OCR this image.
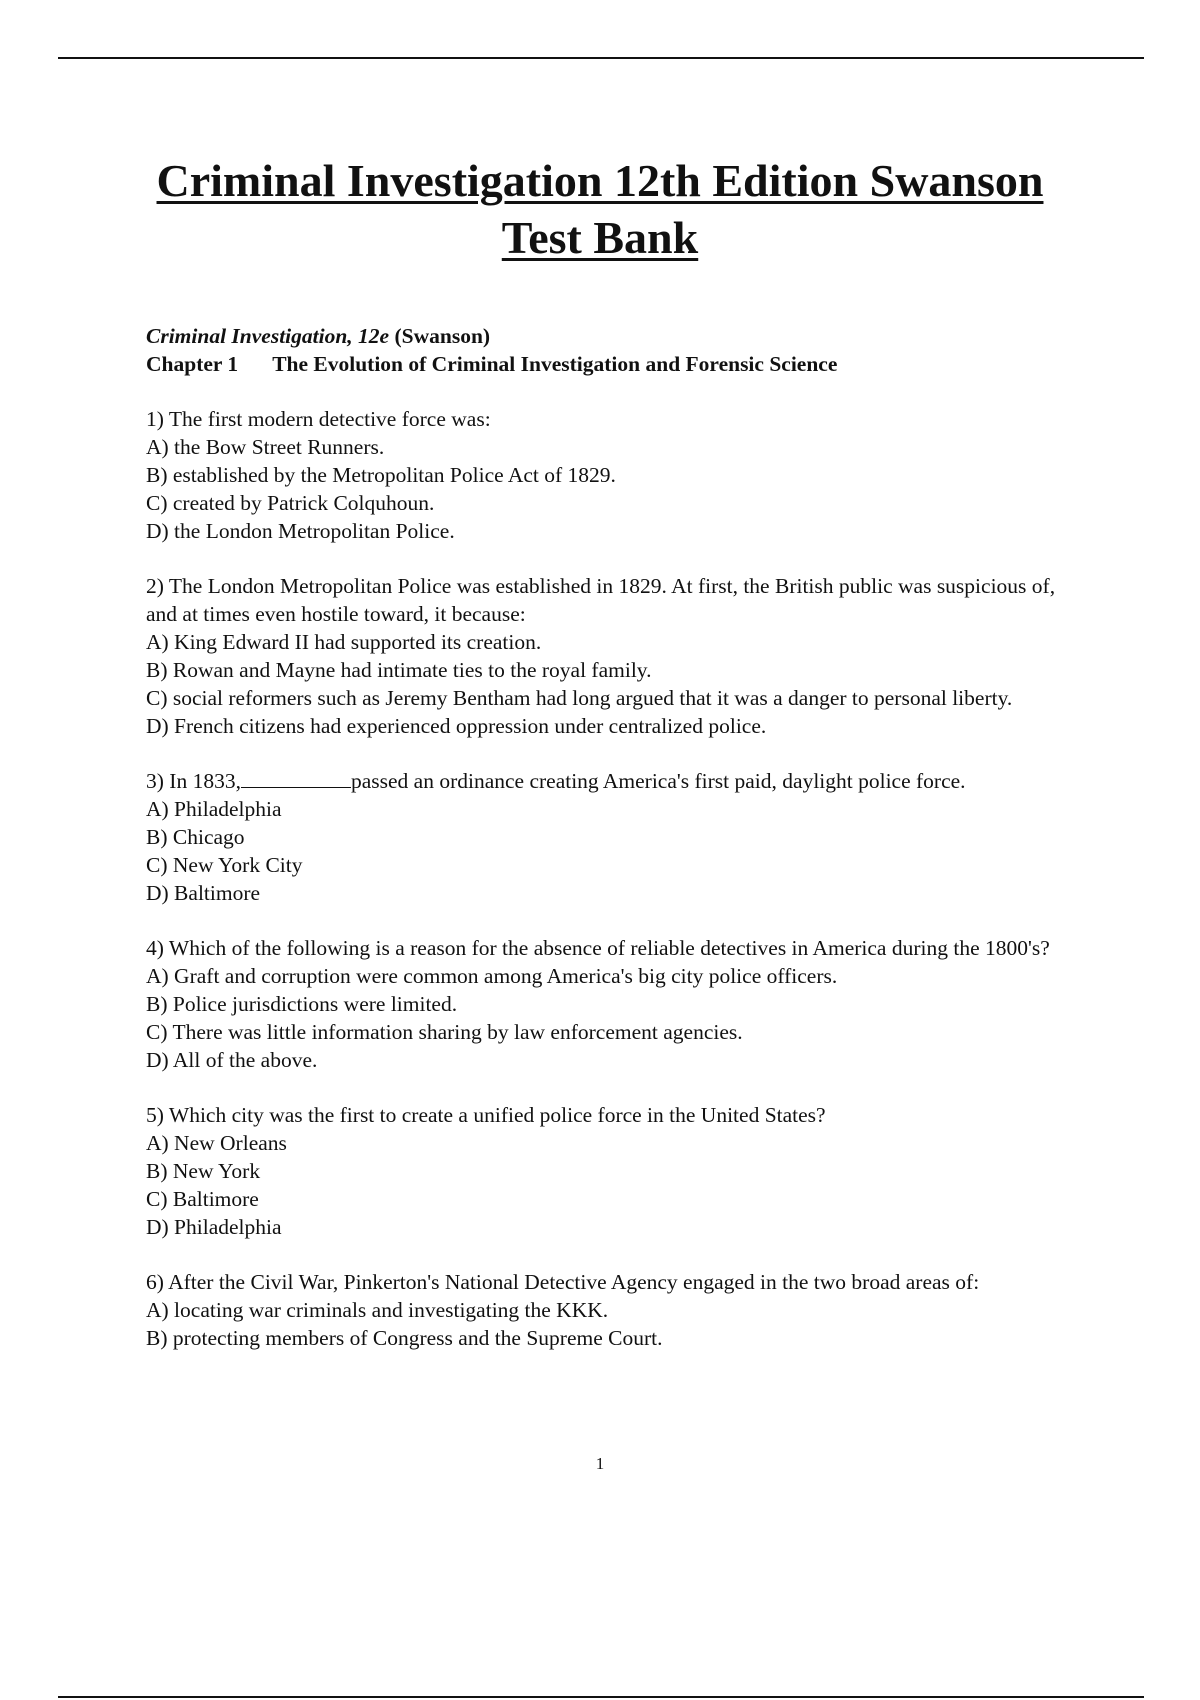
Criminal Investigation 12th Edition Swanson
Test Bank

Criminal Investigation, 12e (Swanson)

Chapter 1 The Evolution of Criminal Investigation and Forensic Science

1) The first modern detective force was:

A) the Bow Street Runners.

B) established by the Metropolitan Police Act of 1829.

C) created by Patrick Colquhoun.

D) the London Metropolitan Police.

2) The London Metropolitan Police was established in 1829. At first, the British public was suspicious of, and at times even hostile toward, it because:

A) King Edward II had supported its creation.

B) Rowan and Mayne had intimate ties to the royal family.

C) social reformers such as Jeremy Bentham had long argued that it was a danger to personal liberty.

D) French citizens had experienced oppression under centralized police.

3) In 1833,	passed an ordinance creating America's first paid, daylight police force.

A) Philadelphia

B) Chicago

C) New York City

D) Baltimore

4) Which of the following is a reason for the absence of reliable detectives in America during the 1800's?

A) Graft and corruption were common among America's big city police officers.

B) Police jurisdictions were limited.

C) There was little information sharing by law enforcement agencies.

D) All of the above.

5) Which city was the first to create a unified police force in the United States?

A) New Orleans

B) New York

C) Baltimore

D) Philadelphia

6) After the Civil War, Pinkerton's National Detective Agency engaged in the two broad areas of:

A) locating war criminals and investigating the KKK.

B) protecting members of Congress and the Supreme Court.

1
